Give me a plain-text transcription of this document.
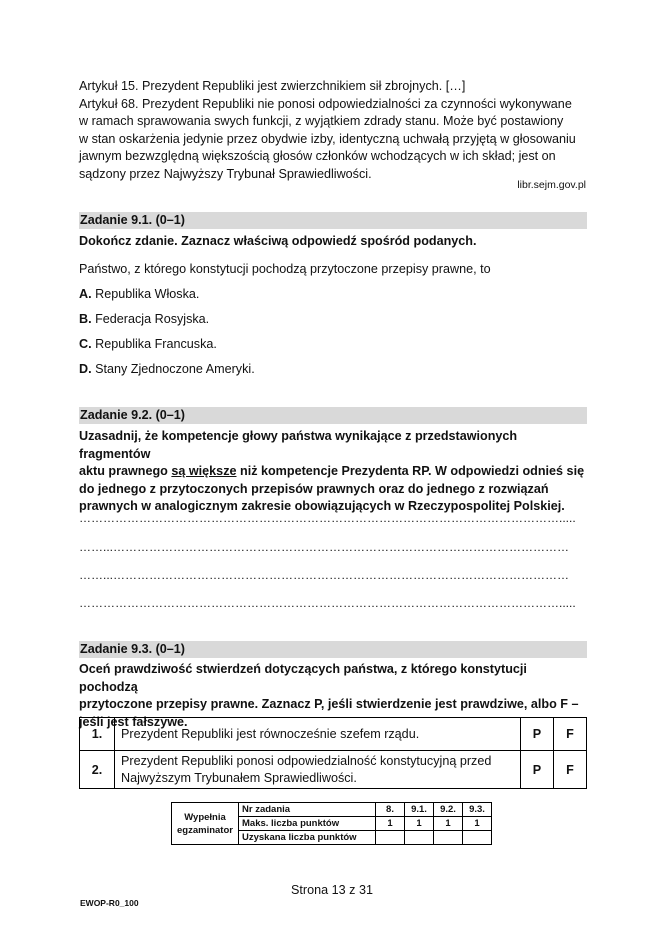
Artykuł 15. Prezydent Republiki jest zwierzchnikiem sił zbrojnych. […]

Artykuł 68. Prezydent Republiki nie ponosi odpowiedzialności za czynności wykonywane

w ramach sprawowania swych funkcji, z wyjątkiem zdrady stanu. Może być postawiony

w stan oskarżenia jedynie przez obydwie izby, identyczną uchwałą przyjętą w głosowaniu

jawnym bezwzględną większością głosów członków wchodzących w ich skład; jest on

sądzony przez Najwyższy Trybunał Sprawiedliwości.

libr.sejm.gov.pl
Zadanie 9.1. (0–1)
Dokończ zdanie. Zaznacz właściwą odpowiedź spośród podanych.
Państwo, z którego konstytucji pochodzą przytoczone przepisy prawne, to
A. Republika Włoska.
B. Federacja Rosyjska.
C. Republika Francuska.
D. Stany Zjednoczone Ameryki.
Zadanie 9.2. (0–1)
Uzasadnij, że kompetencje głowy państwa wynikające z przedstawionych fragmentów
aktu prawnego są większe niż kompetencje Prezydenta RP. W odpowiedzi odnieś się
do jednego z przytoczonych przepisów prawnych oraz do jednego z rozwiązań
prawnych w analogicznym zakresie obowiązujących w Rzeczypospolitej Polskiej.
………………………………………………………………………………………………………….....
……...……………………………………………………………………………………………………
……...……………………………………………………………………………………………………
………………………………………………………………………………………………………….....
Zadanie 9.3. (0–1)
Oceń prawdziwość stwierdzeń dotyczących państwa, z którego konstytucji pochodzą
przytoczone przepisy prawne. Zaznacz P, jeśli stwierdzenie jest prawdziwe, albo F –
jeśli jest fałszywe.
1.	Prezydent Republiki jest równocześnie szefem rządu.	P	F
2.	Prezydent Republiki ponosi odpowiedzialność konstytucyjną przed
Najwyższym Trybunałem Sprawiedliwości.	P	F
Wypełnia
egzaminator	Nr zadania	8.	9.1.	9.2.	9.3.
	Maks. liczba punktów	1	1	1	1
	Uzyskana liczba punktów				
Strona 13 z 31
EWOP-R0_100
